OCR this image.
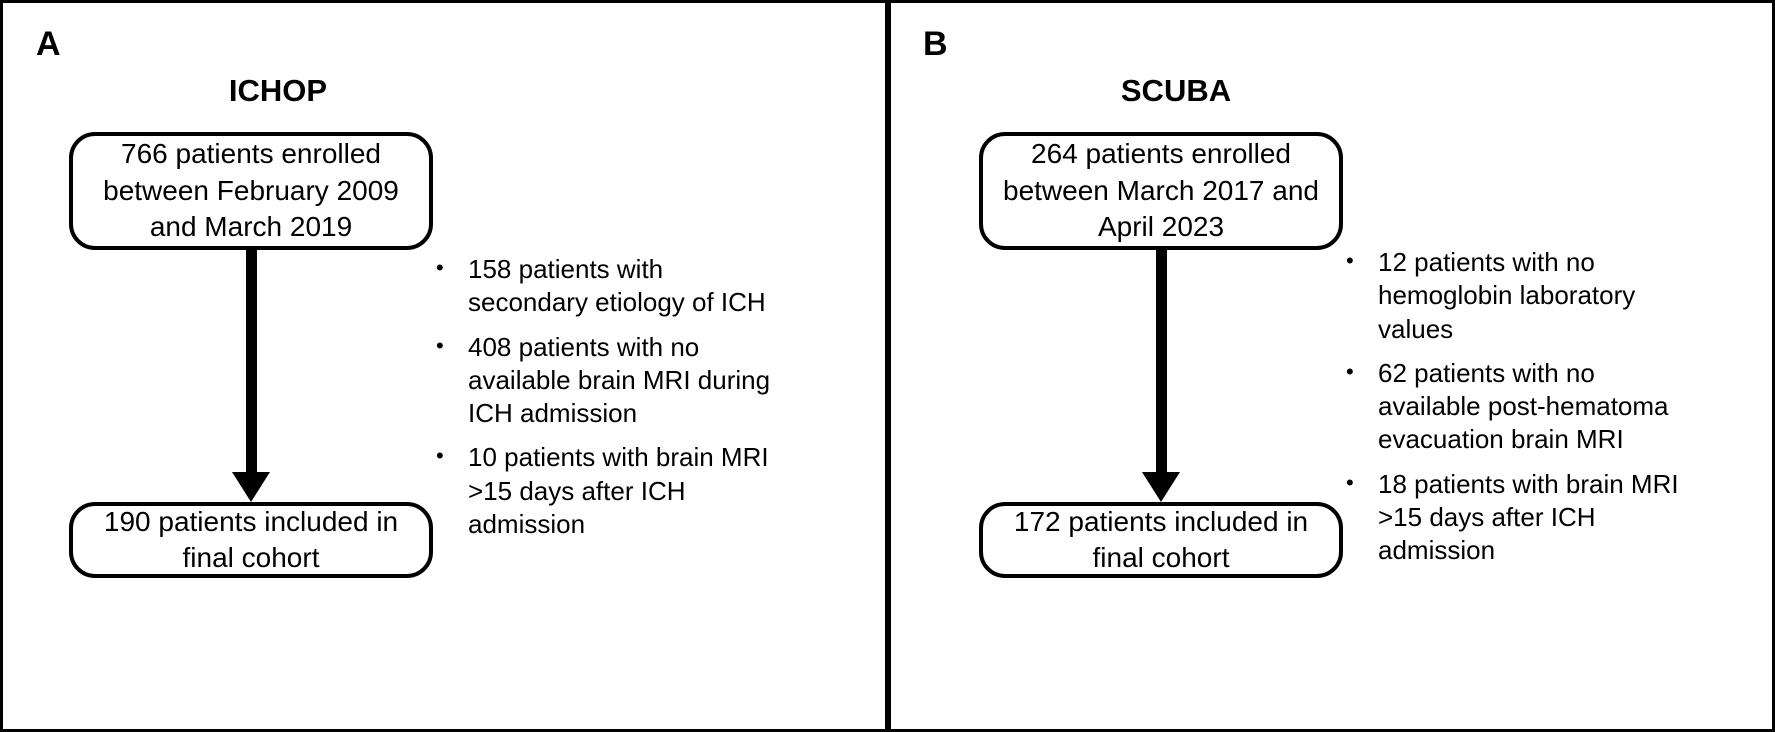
A
ICHOP
766 patients enrolled between February 2009 and March 2019
190 patients included in final cohort
• 158 patients with secondary etiology of ICH
• 408 patients with no available brain MRI during ICH admission
• 10 patients with brain MRI >15 days after ICH admission
B
SCUBA
264 patients enrolled between March 2017 and April 2023
172 patients included in final cohort
• 12 patients with no hemoglobin laboratory values
• 62 patients with no available post-hematoma evacuation brain MRI
• 18 patients with brain MRI >15 days after ICH admission
